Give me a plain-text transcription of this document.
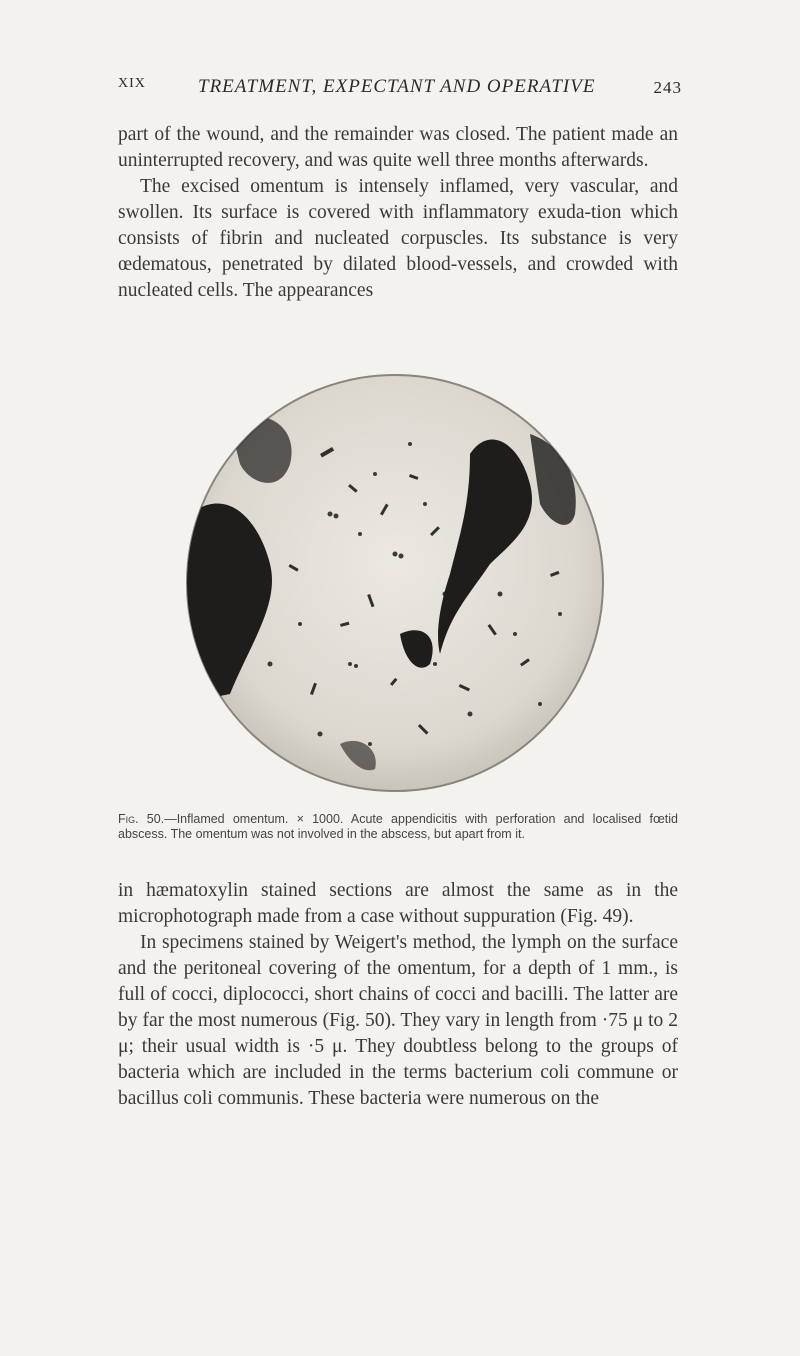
XIX	TREATMENT, EXPECTANT AND OPERATIVE	243

part of the wound, and the remainder was closed. The patient made an uninterrupted recovery, and was quite well three months afterwards.

The excised omentum is intensely inflamed, very vascular, and swollen. Its surface is covered with inflammatory exuda-tion which consists of fibrin and nucleated corpuscles. Its substance is very œdematous, penetrated by dilated blood-vessels, and crowded with nucleated cells. The appearances

Fig. 50.—Inflamed omentum. × 1000. Acute appendicitis with perforation and localised fœtid abscess. The omentum was not involved in the abscess, but apart from it.

in hæmatoxylin stained sections are almost the same as in the microphotograph made from a case without suppuration (Fig. 49).

In specimens stained by Weigert's method, the lymph on the surface and the peritoneal covering of the omentum, for a depth of 1 mm., is full of cocci, diplococci, short chains of cocci and bacilli. The latter are by far the most numerous (Fig. 50). They vary in length from ·75 μ to 2 μ; their usual width is ·5 μ. They doubtless belong to the groups of bacteria which are included in the terms bacterium coli commune or bacillus coli communis. These bacteria were numerous on the
